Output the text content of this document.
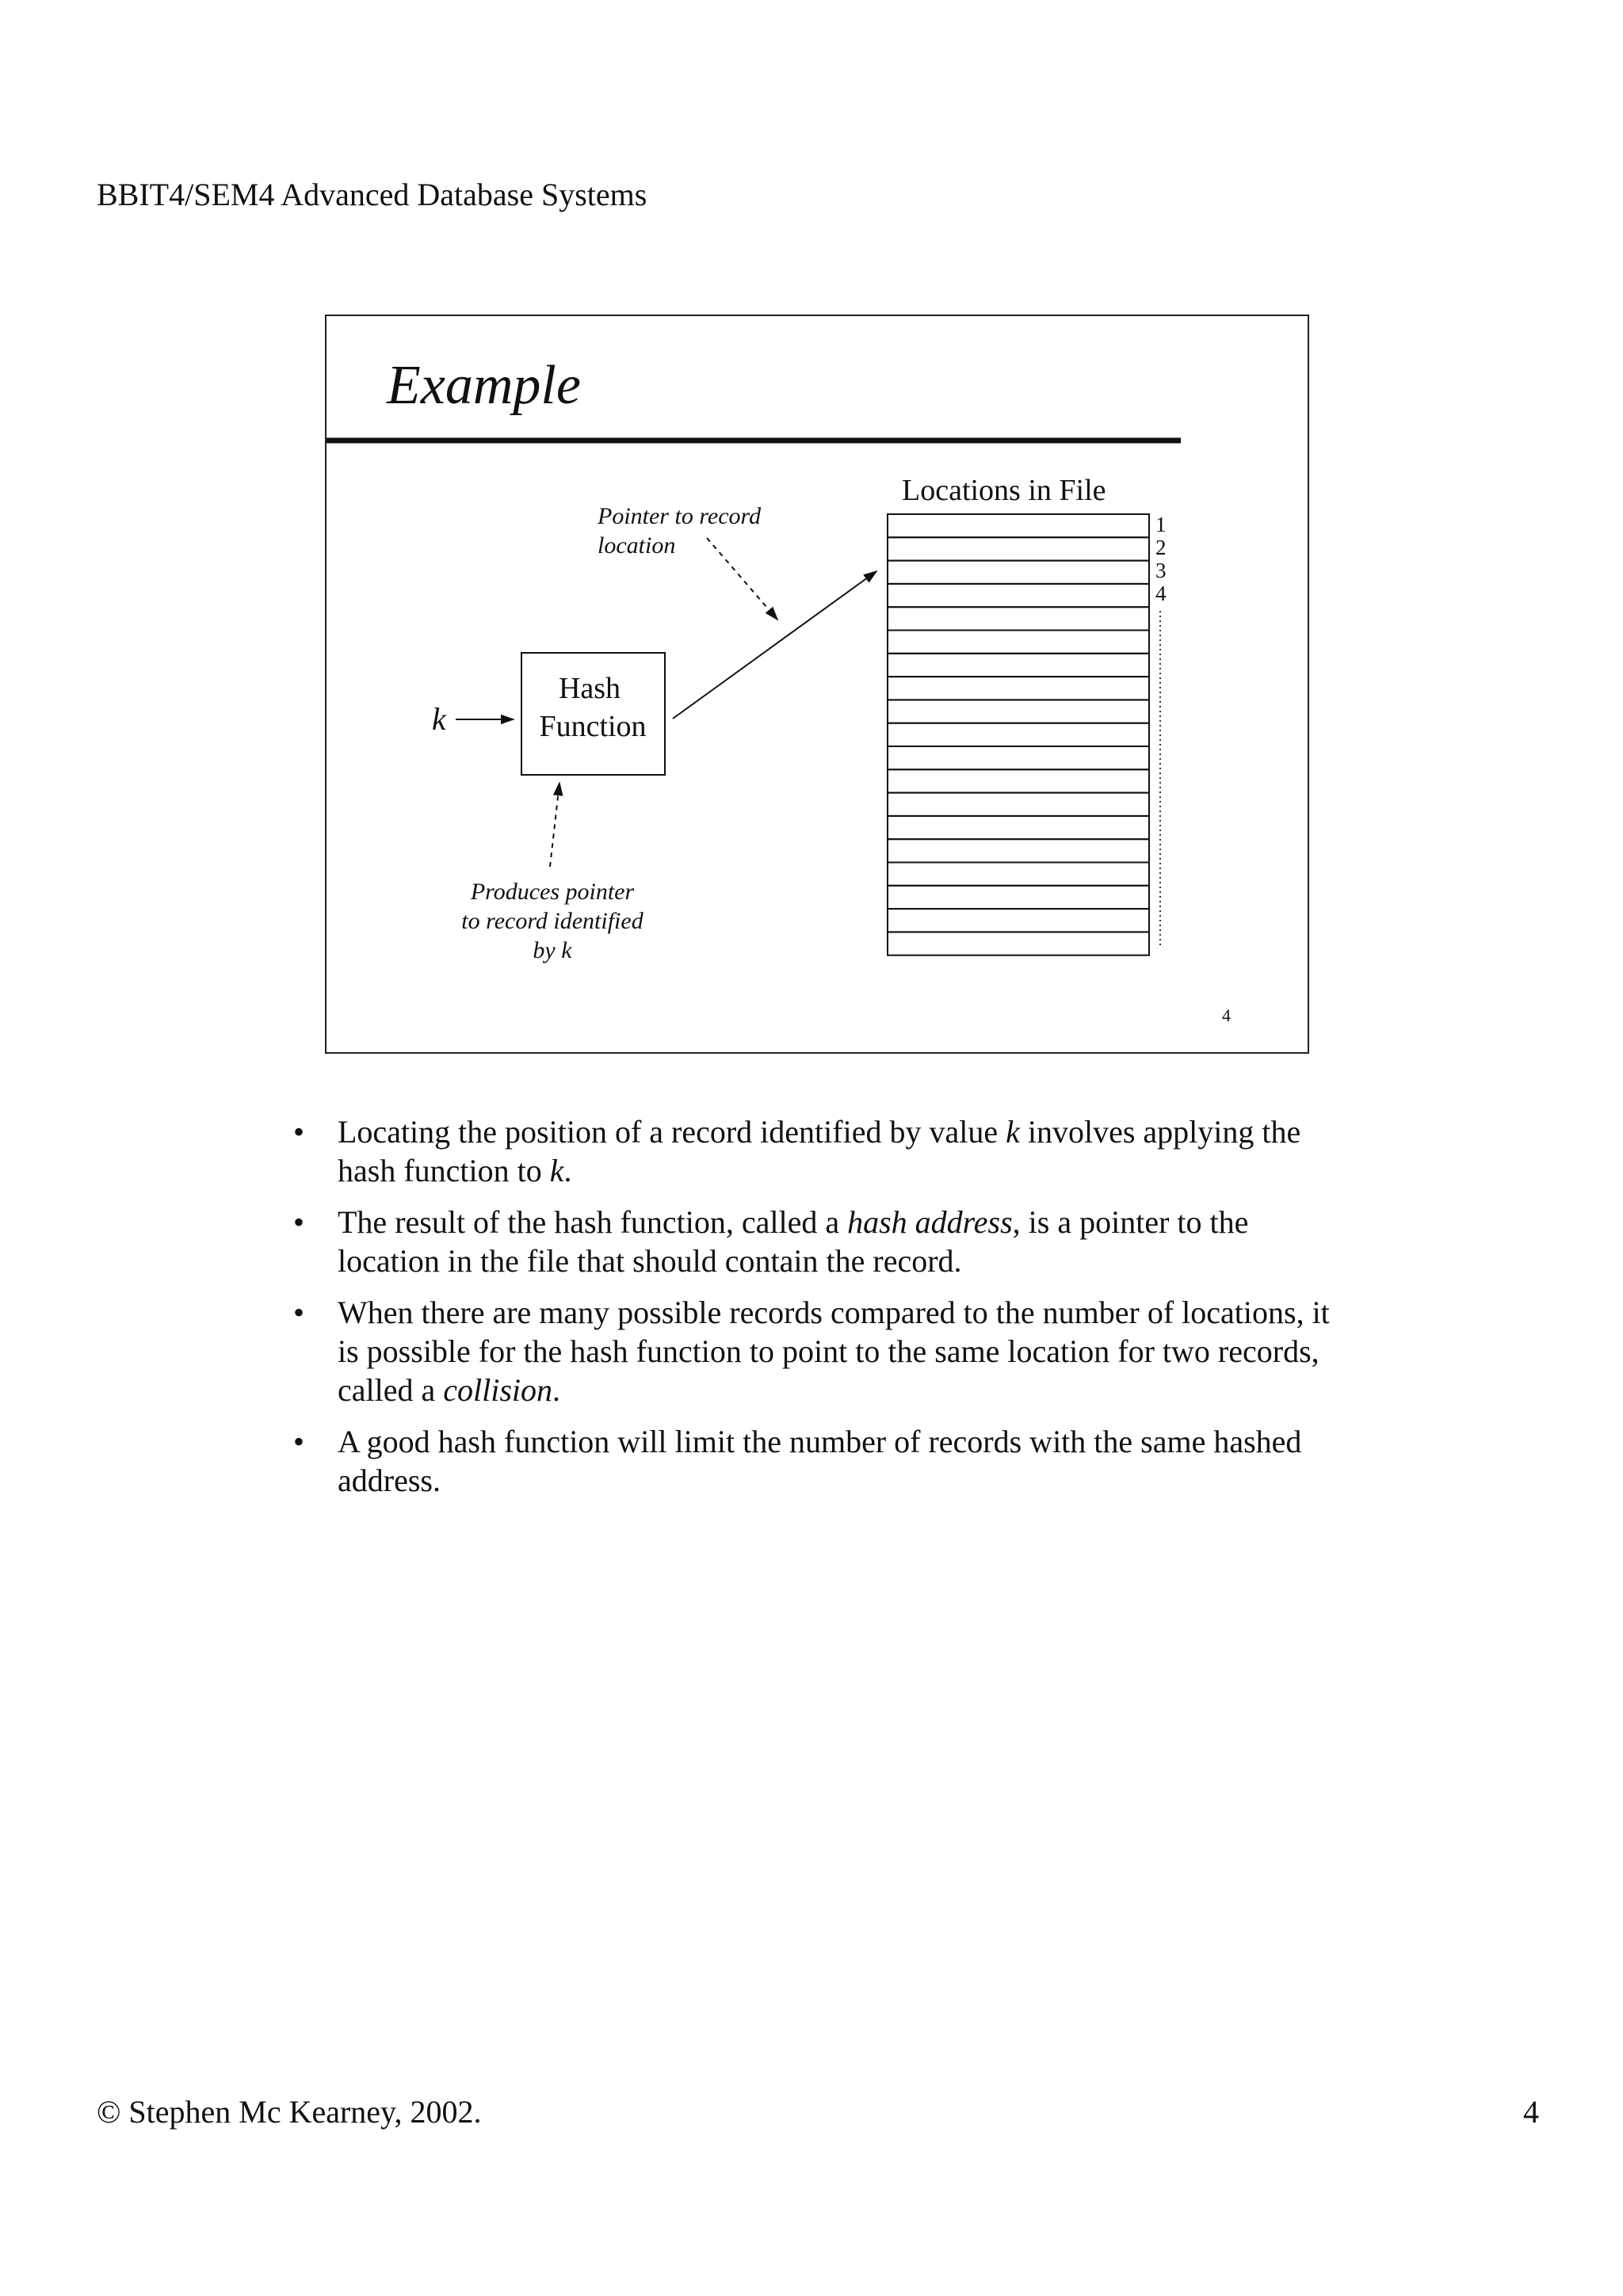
BBIT4/SEM4 Advanced Database Systems
Example
k
Hash
Function
Pointer to record
location
Locations in File
1
2
3
4
Produces pointer
to record identified
by k
4
• Locating the position of a record identified by value k involves applying the hash function to k.
• The result of the hash function, called a hash address, is a pointer to the location in the file that should contain the record.
• When there are many possible records compared to the number of locations, it is possible for the hash function to point to the same location for two records, called a collision.
• A good hash function will limit the number of records with the same hashed address.
© Stephen Mc Kearney, 2002.	4
